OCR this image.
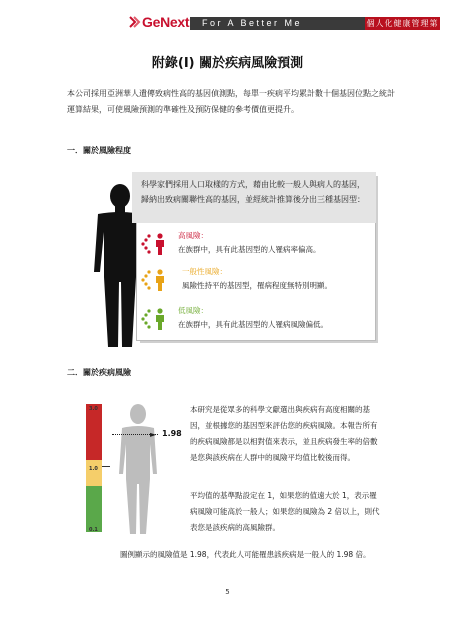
GeNext	For A Better Me	個人化健康管理第一品牌
附錄(I) 關於疾病風險預測
本公司採用亞洲華人遺傳致病性高的基因偵測點，每單一疾病平均累計數十個基因位點之統計運算結果，可使風險預測的準確性及預防保健的參考價值更提升。
一．關於風險程度
科學家們採用人口取樣的方式，藉由比較一般人與病人的基因，歸納出致病關聯性高的基因，並經統計推算後分出三種基因型：
高風險：
在族群中，具有此基因型的人罹病率偏高。
一般性風險：
風險性持平的基因型，罹病程度無特別明顯。
低風險：
在族群中，具有此基因型的人罹病風險偏低。
二．關於疾病風險
3.0
1.0
0.1
► 1.98
本研究是從眾多的科學文獻選出與疾病有高度相關的基因，並根據您的基因型來評估您的疾病風險。本報告所有的疾病風險都是以相對值來表示，並且疾病發生率的倍數是您與該疾病在人群中的風險平均值比較後而得。
平均值的基準點設定在 1，如果您的值遠大於 1，表示罹病風險可能高於一般人；如果您的風險為 2 倍以上，則代表您是該疾病的高風險群。
圖例顯示的風險值是 1.98，代表此人可能罹患該疾病是一般人的 1.98 倍。
5
